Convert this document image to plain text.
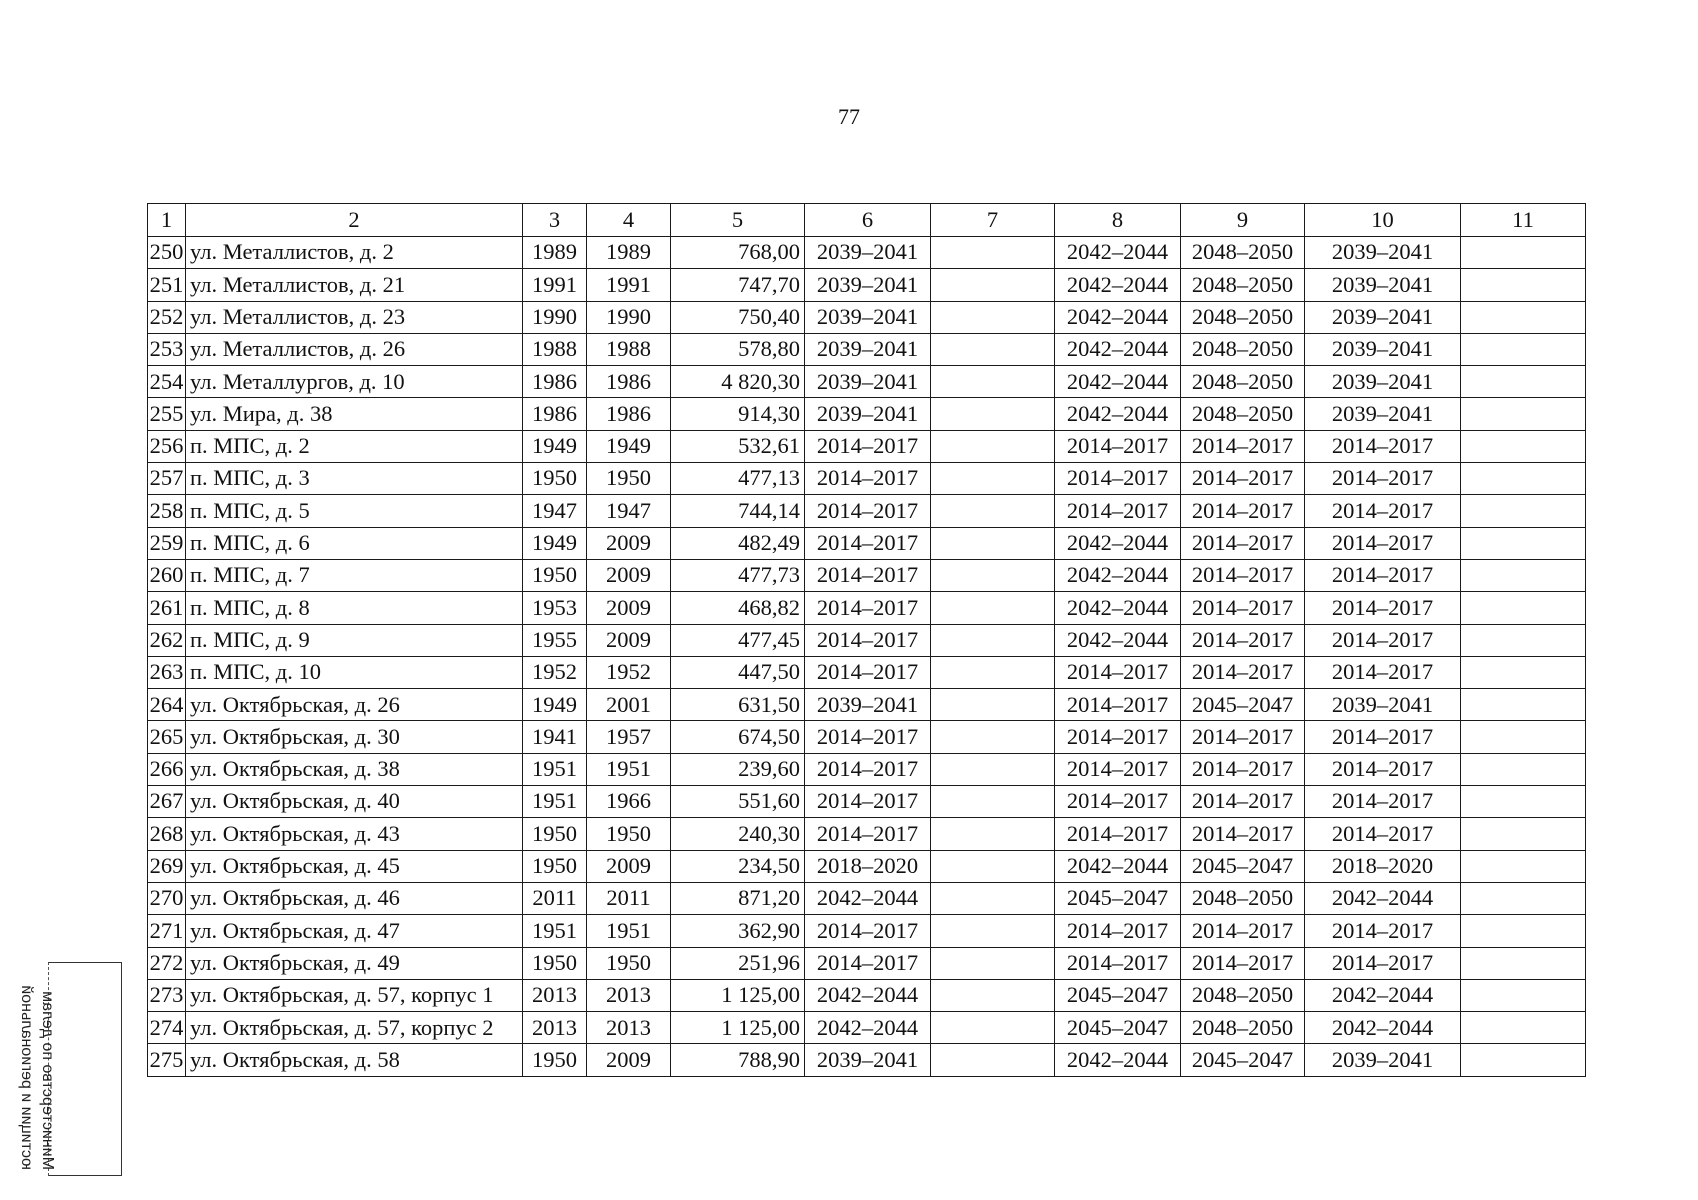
77
1	2	3	4	5	6	7	8	9	10	11
250	ул. Металлистов, д. 2	1989	1989	768,00	2039–2041		2042–2044	2048–2050	2039–2041	
251	ул. Металлистов, д. 21	1991	1991	747,70	2039–2041		2042–2044	2048–2050	2039–2041	
252	ул. Металлистов, д. 23	1990	1990	750,40	2039–2041		2042–2044	2048–2050	2039–2041	
253	ул. Металлистов, д. 26	1988	1988	578,80	2039–2041		2042–2044	2048–2050	2039–2041	
254	ул. Металлургов, д. 10	1986	1986	4 820,30	2039–2041		2042–2044	2048–2050	2039–2041	
255	ул. Мира, д. 38	1986	1986	914,30	2039–2041		2042–2044	2048–2050	2039–2041	
256	п. МПС, д. 2	1949	1949	532,61	2014–2017		2014–2017	2014–2017	2014–2017	
257	п. МПС, д. 3	1950	1950	477,13	2014–2017		2014–2017	2014–2017	2014–2017	
258	п. МПС, д. 5	1947	1947	744,14	2014–2017		2014–2017	2014–2017	2014–2017	
259	п. МПС, д. 6	1949	2009	482,49	2014–2017		2042–2044	2014–2017	2014–2017	
260	п. МПС, д. 7	1950	2009	477,73	2014–2017		2042–2044	2014–2017	2014–2017	
261	п. МПС, д. 8	1953	2009	468,82	2014–2017		2042–2044	2014–2017	2014–2017	
262	п. МПС, д. 9	1955	2009	477,45	2014–2017		2042–2044	2014–2017	2014–2017	
263	п. МПС, д. 10	1952	1952	447,50	2014–2017		2014–2017	2014–2017	2014–2017	
264	ул. Октябрьская, д. 26	1949	2001	631,50	2039–2041		2014–2017	2045–2047	2039–2041	
265	ул. Октябрьская, д. 30	1941	1957	674,50	2014–2017		2014–2017	2014–2017	2014–2017	
266	ул. Октябрьская, д. 38	1951	1951	239,60	2014–2017		2014–2017	2014–2017	2014–2017	
267	ул. Октябрьская, д. 40	1951	1966	551,60	2014–2017		2014–2017	2014–2017	2014–2017	
268	ул. Октябрьская, д. 43	1950	1950	240,30	2014–2017		2014–2017	2014–2017	2014–2017	
269	ул. Октябрьская, д. 45	1950	2009	234,50	2018–2020		2042–2044	2045–2047	2018–2020	
270	ул. Октябрьская, д. 46	2011	2011	871,20	2042–2044		2045–2047	2048–2050	2042–2044	
271	ул. Октябрьская, д. 47	1951	1951	362,90	2014–2017		2014–2017	2014–2017	2014–2017	
272	ул. Октябрьская, д. 49	1950	1950	251,96	2014–2017		2014–2017	2014–2017	2014–2017	
273	ул. Октябрьская, д. 57, корпус 1	2013	2013	1 125,00	2042–2044		2045–2047	2048–2050	2042–2044	
274	ул. Октябрьская, д. 57, корпус 2	2013	2013	1 125,00	2042–2044		2045–2047	2048–2050	2042–2044	
275	ул. Октябрьская, д. 58	1950	2009	788,90	2039–2041		2042–2044	2045–2047	2039–2041	
Министерство по делам
юстиции и региональной
